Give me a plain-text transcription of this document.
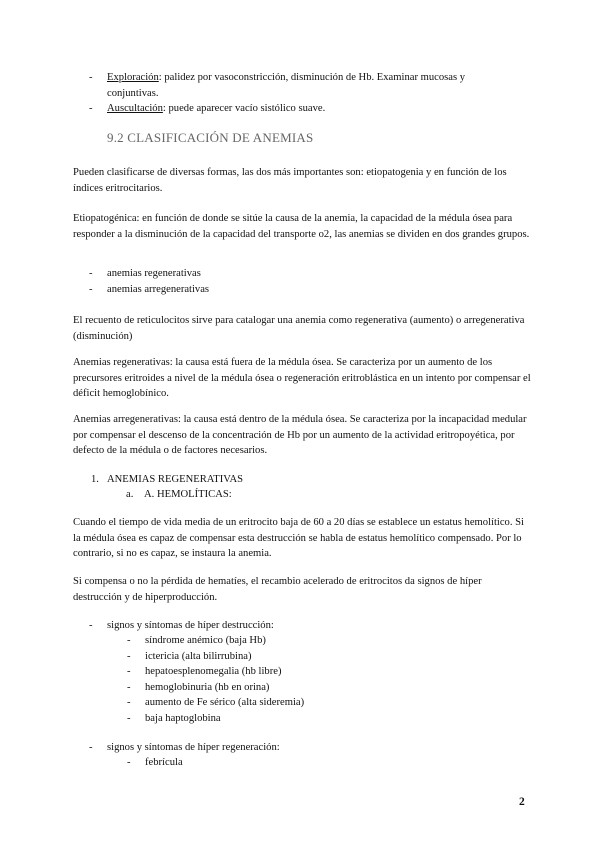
- Exploración: palidez por vasoconstricción, disminución de Hb. Examinar mucosas y conjuntivas.
- Auscultación: puede aparecer vacío sistólico suave.
9.2 CLASIFICACIÓN DE ANEMIAS
Pueden clasificarse de diversas formas, las dos más importantes son: etiopatogenia y en función de los índices eritrocitarios.
Etiopatogénica: en función de donde se sitúe la causa de la anemia, la capacidad de la médula ósea para responder a la disminución de la capacidad del transporte o2, las anemias se dividen en dos grandes grupos.
- anemias regenerativas
- anemias arregenerativas
El recuento de reticulocitos sirve para catalogar una anemia como regenerativa (aumento) o arregenerativa (disminución)
Anemias regenerativas: la causa está fuera de la médula ósea. Se caracteriza por un aumento de los precursores eritroides a nivel de la médula ósea o regeneración eritroblástica en un intento por compensar el déficit hemoglobínico.
Anemias arregenerativas: la causa está dentro de la médula ósea. Se caracteriza por la incapacidad medular por compensar el descenso de la concentración de Hb por un aumento de la actividad eritropoyética, por defecto de la médula o de factores necesarios.
1. ANEMIAS REGENERATIVAS
a. A. HEMOLÍTICAS:
Cuando el tiempo de vida media de un eritrocito baja de 60 a 20 días se establece un estatus hemolítico. Si la médula ósea es capaz de compensar esta destrucción se habla de estatus hemolítico compensado. Por lo contrario, si no es capaz, se instaura la anemia.
Si compensa o no la pérdida de hematíes, el recambio acelerado de eritrocitos da signos de híper destrucción y de hiperproducción.
- signos y síntomas de híper destrucción:
- síndrome anémico (baja Hb)
- ictericia (alta bilirrubina)
- hepatoesplenomegalia (hb libre)
- hemoglobinuria (hb en orina)
- aumento de Fe sérico (alta sideremia)
- baja haptoglobina
- signos y síntomas de híper regeneración:
- febrícula
2
